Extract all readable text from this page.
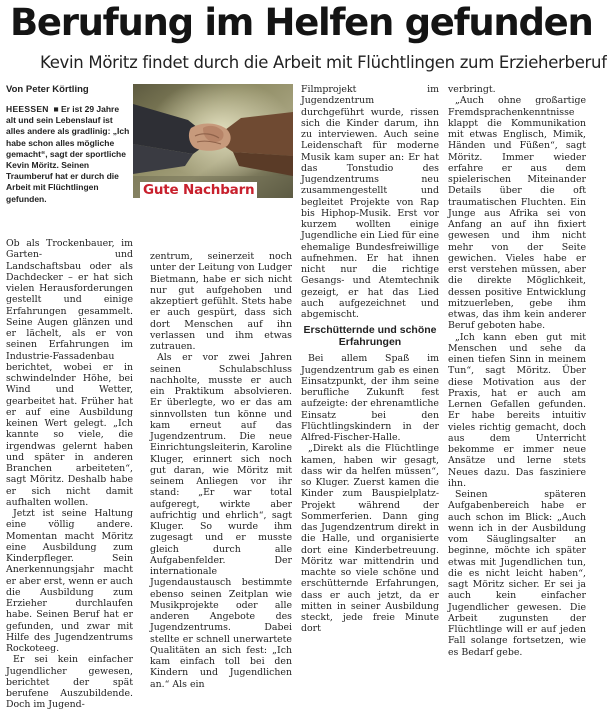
Berufung im Helfen gefunden
Kevin Möritz findet durch die Arbeit mit Flüchtlingen zum Erzieherberuf
Von Peter Körtling
HEESSEN  ■ Er ist 29 Jahre alt und sein Lebenslauf ist alles andere als gradlinig: „Ich habe schon alles mögliche gemacht“, sagt der sportliche Kevin Möritz. Seinen Traumberuf hat er durch die Arbeit mit Flüchtlingen gefunden.
Gute Nachbarn

Ob als Trockenbauer, im Garten- und Landschaftsbau oder als Dachdecker – er hat sich vielen Herausforderungen gestellt und einige Erfahrungen gesammelt. Seine Augen glänzen und er lächelt, als er von seinen Erfahrungen im Industrie-Fassadenbau berichtet, wobei er in schwindelnder Höhe, bei Wind und Wetter, gearbeitet hat. Früher hat er auf eine Ausbildung keinen Wert gelegt. „Ich kannte so viele, die irgendwas gelernt haben und später in anderen Branchen arbeiteten“, sagt Möritz. Deshalb habe er sich nicht damit aufhalten wollen.

Jetzt ist seine Haltung eine völlig andere. Momentan macht Möritz eine Ausbildung zum Kinderpfleger. Sein Anerkennungsjahr macht er aber erst, wenn er auch die Ausbildung zum Erzieher durchlaufen habe. Seinen Beruf hat er gefunden, und zwar mit Hilfe des Jugendzentrums Rockoteeg.

Er sei kein einfacher Jugendlicher gewesen, berichtet der spät berufene Auszubildende. Doch im Jugend-

zentrum, seinerzeit noch unter der Leitung von Ludger Bietmann, habe er sich nicht nur gut aufgehoben und akzeptiert gefühlt. Stets habe er auch gespürt, dass sich dort Menschen auf ihn verlassen und ihm etwas zutrauen.

Als er vor zwei Jahren seinen Schulabschluss nachholte, musste er auch ein Praktikum absolvieren. Er überlegte, wo er das am sinnvollsten tun könne und kam erneut auf das Jugendzentrum. Die neue Einrichtungsleiterin, Karoline Kluger, erinnert sich noch gut daran, wie Möritz mit seinem Anliegen vor ihr stand: „Er war total aufgeregt, wirkte aber aufrichtig und ehrlich“, sagt Kluger. So wurde ihm zugesagt und er musste gleich durch alle Aufgabenfelder. Der internationale Jugendaustausch bestimmte ebenso seinen Zeitplan wie Musikprojekte oder alle anderen Angebote des Jugendzentrums. Dabei stellte er schnell unerwartete Qualitäten an sich fest: „Ich kam einfach toll bei den Kindern und Jugendlichen an.“ Als ein

Filmprojekt im Jugendzentrum durchgeführt wurde, rissen sich die Kinder darum, ihn zu interviewen. Auch seine Leidenschaft für moderne Musik kam super an: Er hat das Tonstudio des Jugendzentrums neu zusammengestellt und begleitet Projekte von Rap bis Hiphop-Musik. Erst vor kurzem wollten einige Jugendliche ein Lied für eine ehemalige Bundesfreiwillige aufnehmen. Er hat ihnen nicht nur die richtige Gesangs- und Atemtechnik gezeigt, er hat das Lied auch aufgezeichnet und abgemischt.

Erschütternde und schöne Erfahrungen

Bei allem Spaß im Jugendzentrum gab es einen Einsatzpunkt, der ihm seine berufliche Zukunft fest aufzeigte: der ehrenamtliche Einsatz bei den Flüchtlingskindern in der Alfred-Fischer-Halle.

„Direkt als die Flüchtlinge kamen, haben wir gesagt, dass wir da helfen müssen“, so Kluger. Zuerst kamen die Kinder zum Bauspielplatz-Projekt während der Sommerferien. Dann ging das Jugendzentrum direkt in die Halle, und organisierte dort eine Kinderbetreuung. Möritz war mittendrin und machte so viele schöne und erschütternde Erfahrungen, dass er auch jetzt, da er mitten in seiner Ausbildung steckt, jede freie Minute dort

verbringt.

„Auch ohne großartige Fremdsprachenkenntnisse klappt die Kommunikation mit etwas Englisch, Mimik, Händen und Füßen“, sagt Möritz. Immer wieder erfahre er aus dem spielerischen Miteinander Details über die oft traumatischen Fluchten. Ein Junge aus Afrika sei von Anfang an auf ihn fixiert gewesen und ihm nicht mehr von der Seite gewichen. Vieles habe er erst verstehen müssen, aber die direkte Möglichkeit, dessen positive Entwicklung mitzuerleben, gebe ihm etwas, das ihm kein anderer Beruf geboten habe.

„Ich kann eben gut mit Menschen und sehe da einen tiefen Sinn in meinem Tun“, sagt Möritz. Über diese Motivation aus der Praxis, hat er auch am Lernen Gefallen gefunden. Er habe bereits intuitiv vieles richtig gemacht, doch aus dem Unterricht bekomme er immer neue Ansätze und lerne stets Neues dazu. Das fasziniere ihn.

Seinen späteren Aufgabenbereich habe er auch schon im Blick: „Auch wenn ich in der Ausbildung vom Säuglingsalter an beginne, möchte ich später etwas mit Jugendlichen tun, die es nicht leicht haben“, sagt Möritz sicher. Er sei ja auch kein einfacher Jugendlicher gewesen. Die Arbeit zugunsten der Flüchtlinge will er auf jeden Fall solange fortsetzen, wie es Bedarf gebe.
